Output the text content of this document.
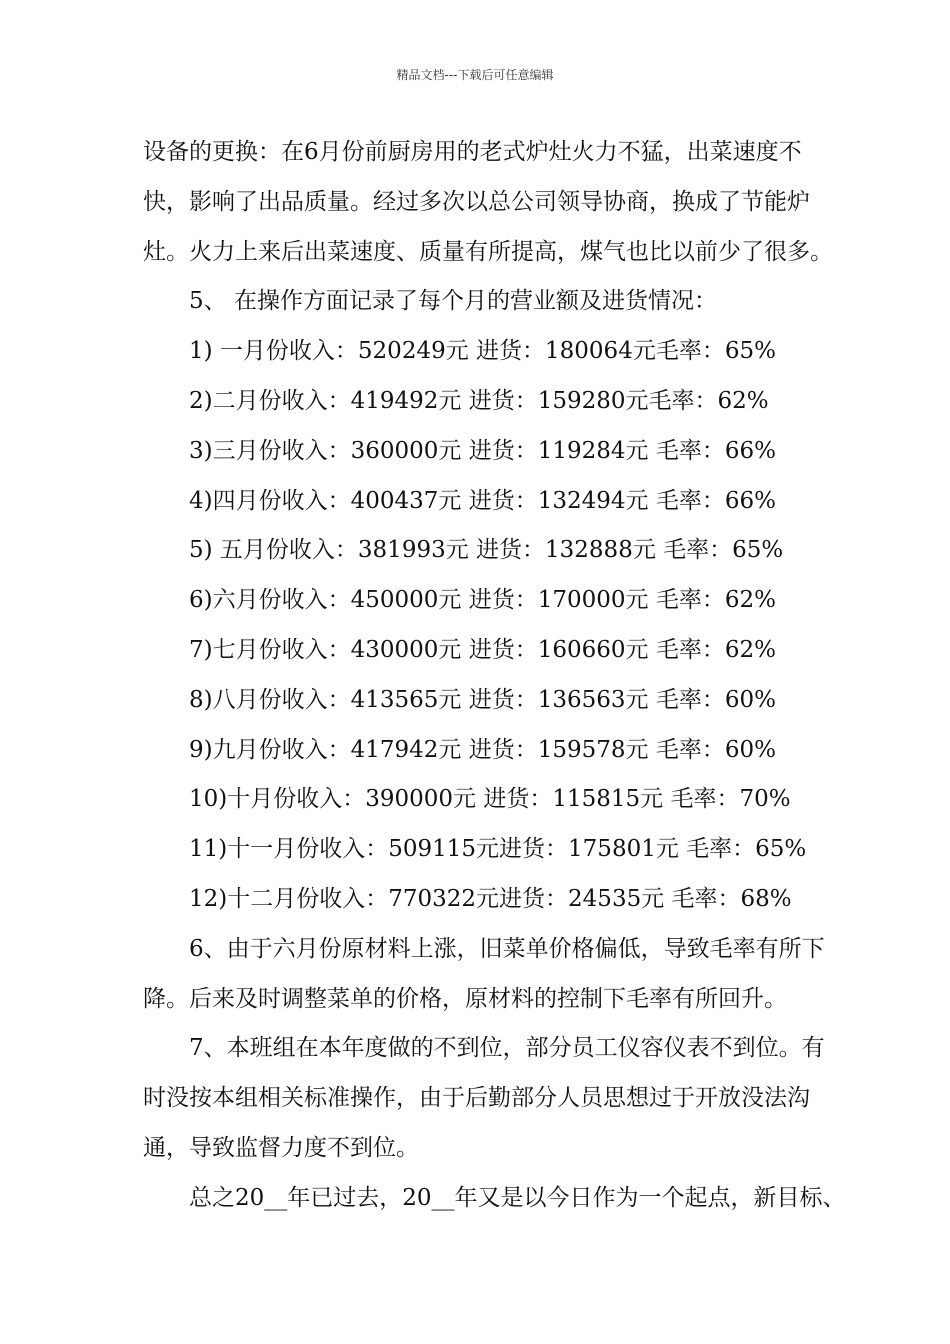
精品文档---下载后可任意编辑
设备的更换：在6月份前厨房用的老式炉灶火力不猛，出菜速度不
快，影响了出品质量。经过多次以总公司领导协商，换成了节能炉
灶。火力上来后出菜速度、质量有所提高，煤气也比以前少了很多。
5、 在操作方面记录了每个月的营业额及进货情况：
1) 一月份收入：520249元 进货：180064元毛率：65%
2)二月份收入：419492元 进货：159280元毛率：62%
3)三月份收入：360000元 进货：119284元 毛率：66%
4)四月份收入：400437元 进货：132494元 毛率：66%
5) 五月份收入：381993元 进货：132888元 毛率：65%
6)六月份收入：450000元 进货：170000元 毛率：62%
7)七月份收入：430000元 进货：160660元 毛率：62%
8)八月份收入：413565元 进货：136563元 毛率：60%
9)九月份收入：417942元 进货：159578元 毛率：60%
10)十月份收入：390000元 进货：115815元 毛率：70%
11)十一月份收入：509115元进货：175801元 毛率：65%
12)十二月份收入：770322元进货：24535元 毛率：68%
6、由于六月份原材料上涨，旧菜单价格偏低，导致毛率有所下
降。后来及时调整菜单的价格，原材料的控制下毛率有所回升。
7、本班组在本年度做的不到位，部分员工仪容仪表不到位。有
时没按本组相关标准操作，由于后勤部分人员思想过于开放没法沟
通，导致监督力度不到位。
总之20__年已过去，20__年又是以今日作为一个起点，新目标、
